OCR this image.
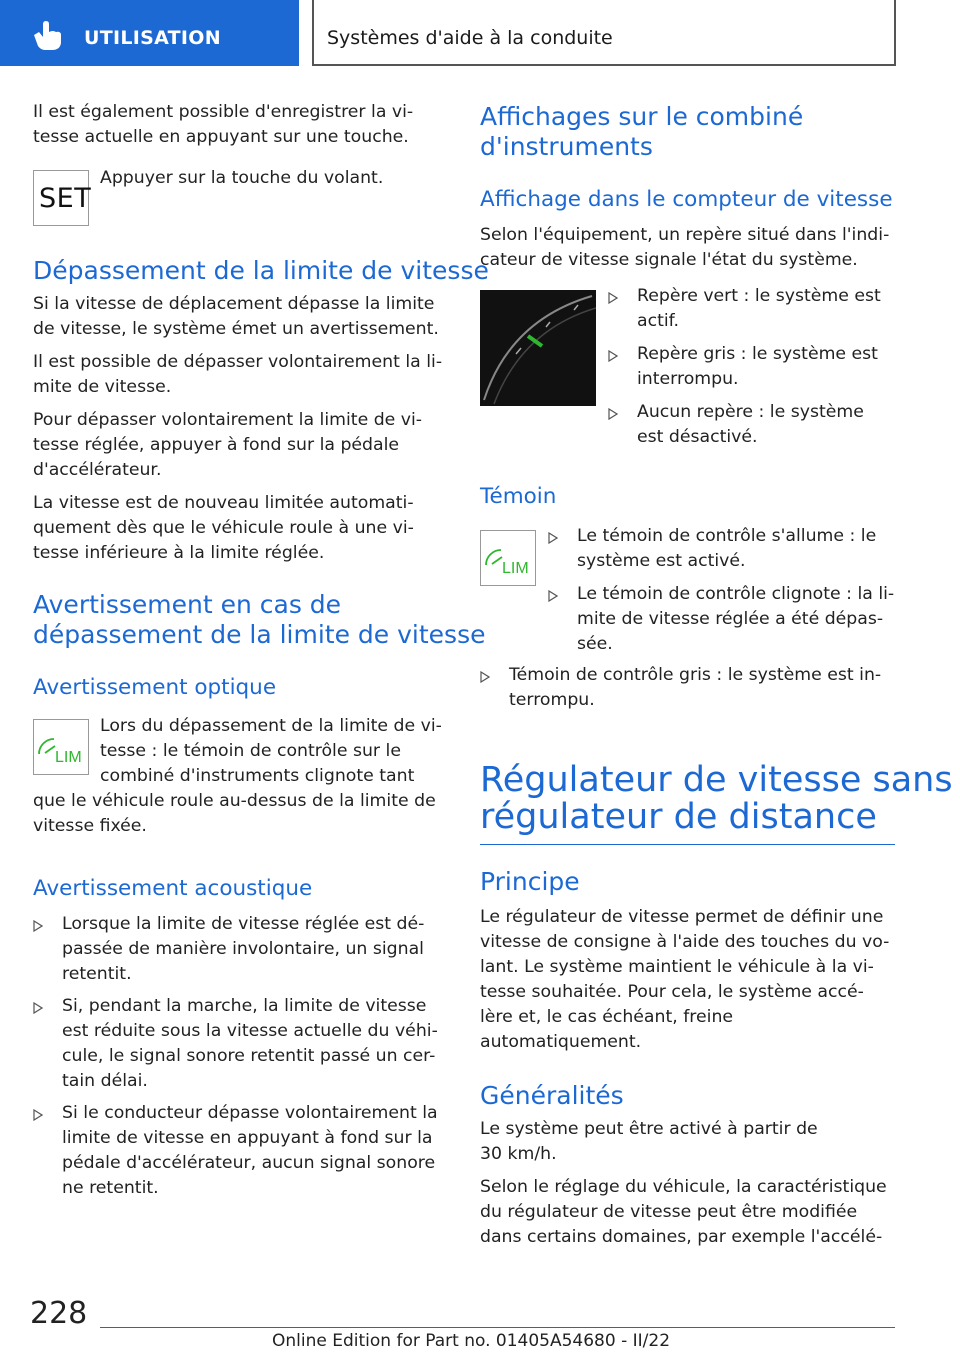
UTILISATION	Systèmes d'aide à la conduite

Il est également possible d'enregistrer la vi-
tesse actuelle en appuyant sur une touche.

SET

Appuyer sur la touche du volant.

Dépassement de la limite de vitesse

Si la vitesse de déplacement dépasse la limite
de vitesse, le système émet un avertissement.

Il est possible de dépasser volontairement la li-
mite de vitesse.

Pour dépasser volontairement la limite de vi-
tesse réglée, appuyer à fond sur la pédale
d'accélérateur.

La vitesse est de nouveau limitée automati-
quement dès que le véhicule roule à une vi-
tesse inférieure à la limite réglée.

Avertissement en cas de
dépassement de la limite de vitesse
Avertissement optique
LIM

Lors du dépassement de la limite de vi-
tesse : le témoin de contrôle sur le
combiné d'instruments clignote tant

que le véhicule roule au-dessus de la limite de
vitesse fixée.

Avertissement acoustique
Lorsque la limite de vitesse réglée est dé-
passée de manière involontaire, un signal
retentit.
Si, pendant la marche, la limite de vitesse
est réduite sous la vitesse actuelle du véhi-
cule, le signal sonore retentit passé un cer-
tain délai.
Si le conducteur dépasse volontairement la
limite de vitesse en appuyant à fond sur la
pédale d'accélérateur, aucun signal sonore
ne retentit.
Affichages sur le combiné
d'instruments
Affichage dans le compteur de vitesse

Selon l'équipement, un repère situé dans l'indi-
cateur de vitesse signale l'état du système.

Repère vert : le système est
actif.
Repère gris : le système est
interrompu.
Aucun repère : le système
est désactivé.
Témoin
LIM
Le témoin de contrôle s'allume : le
système est activé.
Le témoin de contrôle clignote : la li-
mite de vitesse réglée a été dépas-
sée.
Témoin de contrôle gris : le système est in-
terrompu.
Régulateur de vitesse sans
régulateur de distance
Principe

Le régulateur de vitesse permet de définir une
vitesse de consigne à l'aide des touches du vo-
lant. Le système maintient le véhicule à la vi-
tesse souhaitée. Pour cela, le système accé-
lère et, le cas échéant, freine
automatiquement.

Généralités

Le système peut être activé à partir de
30 km/h.

Selon le réglage du véhicule, la caractéristique
du régulateur de vitesse peut être modifiée
dans certains domaines, par exemple l'accélé-

228
Online Edition for Part no. 01405A54680 - II/22
